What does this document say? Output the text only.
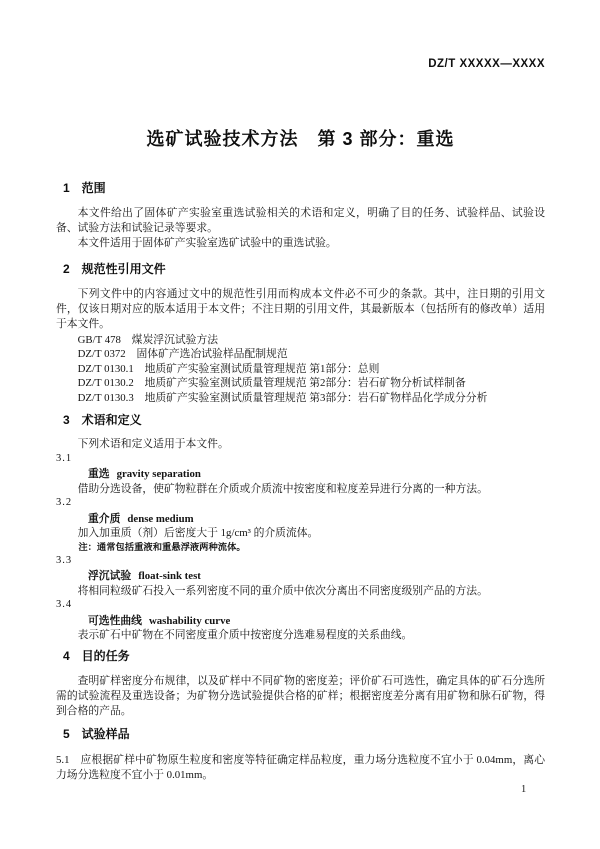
DZ/T XXXXX—XXXX
选矿试验技术方法　第 3 部分：重选
1　范围

本文件给出了固体矿产实验室重选试验相关的术语和定义，明确了目的任务、试验样品、试验设备、试验方法和试验记录等要求。

本文件适用于固体矿产实验室选矿试验中的重选试验。

2　规范性引用文件

下列文件中的内容通过文中的规范性引用而构成本文件必不可少的条款。其中，注日期的引用文件，仅该日期对应的版本适用于本文件；不注日期的引用文件，其最新版本（包括所有的修改单）适用于本文件。

GB/T 478　煤炭浮沉试验方法

DZ/T 0372　固体矿产选冶试验样品配制规范

DZ/T 0130.1　地质矿产实验室测试质量管理规范 第1部分：总则

DZ/T 0130.2　地质矿产实验室测试质量管理规范 第2部分：岩石矿物分析试样制备

DZ/T 0130.3　地质矿产实验室测试质量管理规范 第3部分：岩石矿物样品化学成分分析

3　术语和定义

下列术语和定义适用于本文件。

3.1
重选 gravity separation
借助分选设备，使矿物粒群在介质或介质流中按密度和粒度差异进行分离的一种方法。
3.2
重介质 dense medium
加入加重质（剂）后密度大于 1g/cm³ 的介质流体。
注：通常包括重液和重悬浮液两种流体。
3.3
浮沉试验 float-sink test
将相同粒级矿石投入一系列密度不同的重介质中依次分离出不同密度级别产品的方法。
3.4
可选性曲线 washability curve
表示矿石中矿物在不同密度重介质中按密度分选难易程度的关系曲线。
4　目的任务

查明矿样密度分布规律，以及矿样中不同矿物的密度差；评价矿石可选性，确定具体的矿石分选所需的试验流程及重选设备；为矿物分选试验提供合格的矿样；根据密度差分离有用矿物和脉石矿物，得到合格的产品。

5　试验样品

5.1　应根据矿样中矿物原生粒度和密度等特征确定样品粒度，重力场分选粒度不宜小于 0.04mm，离心力场分选粒度不宜小于 0.01mm。

1
